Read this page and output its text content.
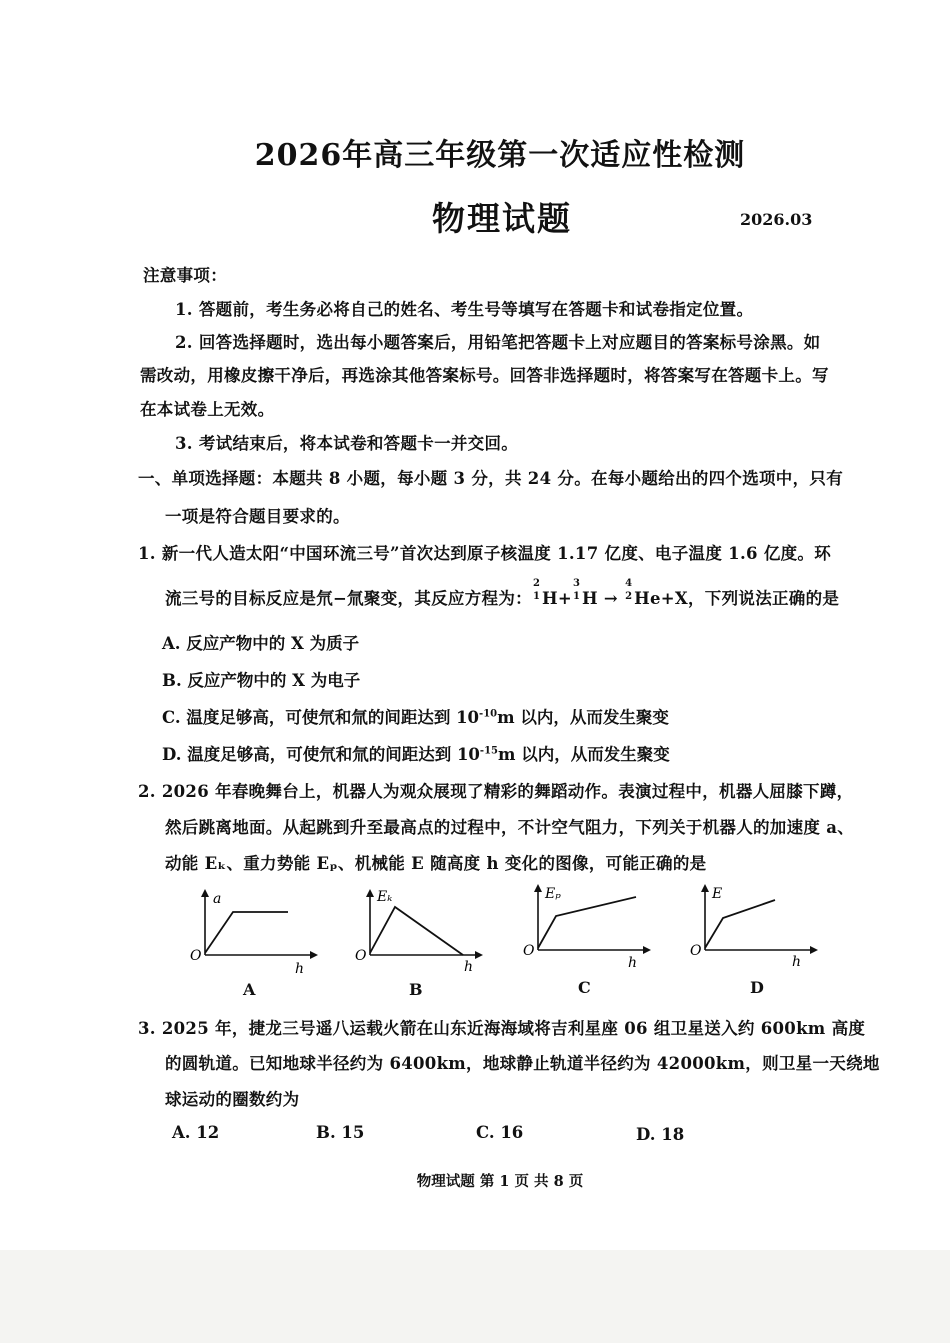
2026年高三年级第一次适应性检测
物理试题	2026.03
注意事项：
1. 答题前，考生务必将自己的姓名、考生号等填写在答题卡和试卷指定位置。
2. 回答选择题时，选出每小题答案后，用铅笔把答题卡上对应题目的答案标号涂黑。如
需改动，用橡皮擦干净后，再选涂其他答案标号。回答非选择题时，将答案写在答题卡上。写
在本试卷上无效。
3. 考试结束后，将本试卷和答题卡一并交回。
一、单项选择题：本题共 8 小题，每小题 3 分，共 24 分。在每小题给出的四个选项中，只有
一项是符合题目要求的。
1. 新一代人造太阳“中国环流三号”首次达到原子核温度 1.17 亿度、电子温度 1.6 亿度。环
流三号的目标反应是氘−氚聚变，其反应方程为：
2
1 H+
3
1 H →
4
2 He+X，下列说法正确的是
A. 反应产物中的 X 为质子
B. 反应产物中的 X 为电子
C. 温度足够高，可使氘和氚的间距达到 $10^{-10}m$ 以内，从而发生聚变
D. 温度足够高，可使氘和氚的间距达到 $10^{-15}m$ 以内，从而发生聚变
2. 2026 年春晚舞台上，机器人为观众展现了精彩的舞蹈动作。表演过程中，机器人屈膝下蹲，
然后跳离地面。从起跳到升至最高点的过程中，不计空气阻力，下列关于机器人的加速度 a、
动能 Eₖ、重力势能 Eₚ、机械能 E 随高度 h 变化的图像，可能正确的是
a
O
h
A
Eₖ
O
h
B
Eₚ
O
h
C
E
O
h
D
3. 2025 年，捷龙三号遥八运载火箭在山东近海海域将吉利星座 06 组卫星送入约 600km 高度
的圆轨道。已知地球半径约为 6400km，地球静止轨道半径约为 42000km，则卫星一天绕地
球运动的圈数约为
A. 12	B. 15	C. 16	D. 18
物理试题 第 1 页 共 8 页
